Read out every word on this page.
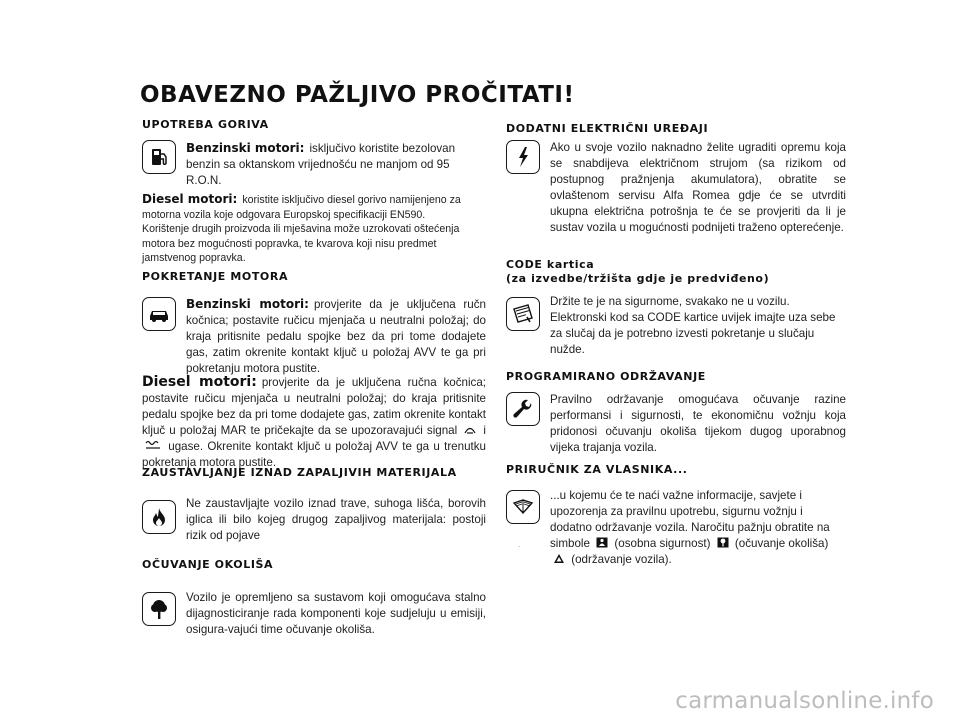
OBAVEZNO PAŽLJIVO PROČITATI!
UPOTREBA GORIVA

Benzinski motori: isključivo koristite bezolovan benzin sa oktanskom vrijednošću ne manjom od 95 R.O.N.

Diesel motori: koristite isključivo diesel gorivo namijenjeno za motorna vozila koje odgovara Europskoj specifikaciji EN590.
Korištenje drugih proizvoda ili mješavina može uzrokovati oštećenja motora bez mogućnosti popravka, te kvarova koji nisu predmet jamstvenog popravka.

POKRETANJE MOTORA

Benzinski motori: provjerite da je uključena ručn kočnica; postavite ručicu mjenjača u neutralni položaj; do kraja pritisnite pedalu spojke bez da pri tome dodajete gas, zatim okrenite kontakt ključ u položaj AVV te ga pri pokretanju motora pustite.

Diesel motori: provjerite da je uključena ručna kočnica; postavite ručicu mjenjača u neutralni položaj; do kraja pritisnite pedalu spojke bez da pri tome dodajete gas, zatim okrenite kontakt ključ u položaj MAR te pričekajte da se upozoravajući signal i  ugase. Okrenite kontakt ključ u položaj AVV te ga u trenutku pokretanja motora pustite.

ZAUSTAVLJANJE IZNAD ZAPALJIVIH MATERIJALA

Ne zaustavljajte vozilo iznad trave, suhoga lišća, borovih iglica ili bilo kojeg drugog zapaljivog materijala: postoji rizik od pojave

OČUVANJE OKOLIŠA

Vozilo je opremljeno sa sustavom koji omogućava stalno dijagnosticiranje rada komponenti koje sudjeluju u emisiji, osigura-vajući time očuvanje okoliša.

DODATNI ELEKTRIČNI UREĐAJI

Ako u svoje vozilo naknadno želite ugraditi opremu koja se snabdijeva električnom strujom (sa rizikom od postupnog pražnjenja akumulatora), obratite se ovlaštenom servisu Alfa Romea gdje će se utvrditi ukupna električna potrošnja te će se provjeriti da li je sustav vozila u mogućnosti podnijeti traženo opterećenje.

CODE kartica
(za izvedbe/tržišta gdje je predviđeno)

Držite te je na sigurnome, svakako ne u vozilu. Elektronski kod sa CODE kartice uvijek imajte uza sebe za slučaj da je potrebno izvesti pokretanje u slučaju nužde.

PROGRAMIRANO ODRŽAVANJE

Pravilno održavanje omogućava očuvanje razine performansi i sigurnosti, te ekonomičnu vožnju koja pridonosi očuvanju okoliša tijekom dugog uporabnog vijeka trajanja vozila.

PRIRUČNIK ZA VLASNIKA...

...u kojemu će te naći važne informacije, savjete i upozorenja za pravilnu upotrebu, sigurnu vožnju i dodatno održavanje vozila. Naročitu pažnju obratite na simbole (osobna sigurnost) (očuvanje okoliša)  (održavanje vozila).

.
carmanualsonline.info
